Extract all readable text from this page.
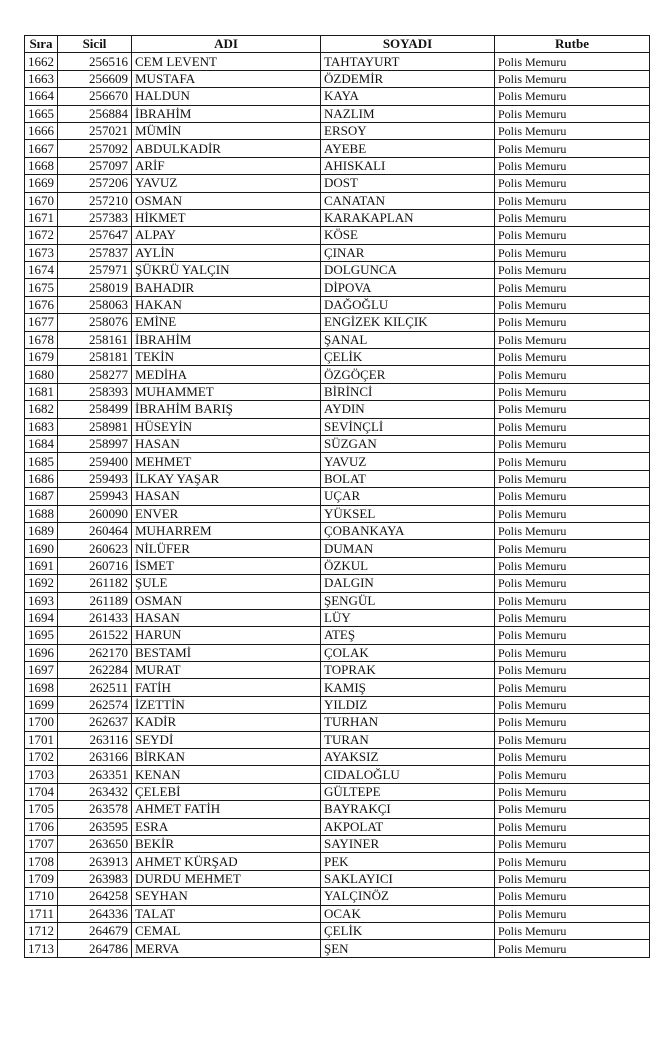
Sıra	Sicil	ADI	SOYADI	Rutbe
1662	256516	CEM LEVENT	TAHTAYURT	Polis Memuru
1663	256609	MUSTAFA	ÖZDEMİR	Polis Memuru
1664	256670	HALDUN	KAYA	Polis Memuru
1665	256884	İBRAHİM	NAZLIM	Polis Memuru
1666	257021	MÜMİN	ERSOY	Polis Memuru
1667	257092	ABDULKADİR	AYEBE	Polis Memuru
1668	257097	ARİF	AHISKALI	Polis Memuru
1669	257206	YAVUZ	DOST	Polis Memuru
1670	257210	OSMAN	CANATAN	Polis Memuru
1671	257383	HİKMET	KARAKAPLAN	Polis Memuru
1672	257647	ALPAY	KÖSE	Polis Memuru
1673	257837	AYLİN	ÇINAR	Polis Memuru
1674	257971	ŞÜKRÜ YALÇIN	DOLGUNCA	Polis Memuru
1675	258019	BAHADIR	DİPOVA	Polis Memuru
1676	258063	HAKAN	DAĞOĞLU	Polis Memuru
1677	258076	EMİNE	ENGİZEK KILÇIK	Polis Memuru
1678	258161	İBRAHİM	ŞANAL	Polis Memuru
1679	258181	TEKİN	ÇELİK	Polis Memuru
1680	258277	MEDİHA	ÖZGÖÇER	Polis Memuru
1681	258393	MUHAMMET	BİRİNCİ	Polis Memuru
1682	258499	İBRAHİM BARIŞ	AYDIN	Polis Memuru
1683	258981	HÜSEYİN	SEVİNÇLİ	Polis Memuru
1684	258997	HASAN	SÜZGAN	Polis Memuru
1685	259400	MEHMET	YAVUZ	Polis Memuru
1686	259493	İLKAY YAŞAR	BOLAT	Polis Memuru
1687	259943	HASAN	UÇAR	Polis Memuru
1688	260090	ENVER	YÜKSEL	Polis Memuru
1689	260464	MUHARREM	ÇOBANKAYA	Polis Memuru
1690	260623	NİLÜFER	DUMAN	Polis Memuru
1691	260716	İSMET	ÖZKUL	Polis Memuru
1692	261182	ŞULE	DALGIN	Polis Memuru
1693	261189	OSMAN	ŞENGÜL	Polis Memuru
1694	261433	HASAN	LÜY	Polis Memuru
1695	261522	HARUN	ATEŞ	Polis Memuru
1696	262170	BESTAMİ	ÇOLAK	Polis Memuru
1697	262284	MURAT	TOPRAK	Polis Memuru
1698	262511	FATİH	KAMIŞ	Polis Memuru
1699	262574	İZETTİN	YILDIZ	Polis Memuru
1700	262637	KADİR	TURHAN	Polis Memuru
1701	263116	SEYDİ	TURAN	Polis Memuru
1702	263166	BİRKAN	AYAKSIZ	Polis Memuru
1703	263351	KENAN	CIDALOĞLU	Polis Memuru
1704	263432	ÇELEBİ	GÜLTEPE	Polis Memuru
1705	263578	AHMET FATİH	BAYRAKÇI	Polis Memuru
1706	263595	ESRA	AKPOLAT	Polis Memuru
1707	263650	BEKİR	SAYINER	Polis Memuru
1708	263913	AHMET KÜRŞAD	PEK	Polis Memuru
1709	263983	DURDU MEHMET	SAKLAYICI	Polis Memuru
1710	264258	SEYHAN	YALÇINÖZ	Polis Memuru
1711	264336	TALAT	OCAK	Polis Memuru
1712	264679	CEMAL	ÇELİK	Polis Memuru
1713	264786	MERVA	ŞEN	Polis Memuru
